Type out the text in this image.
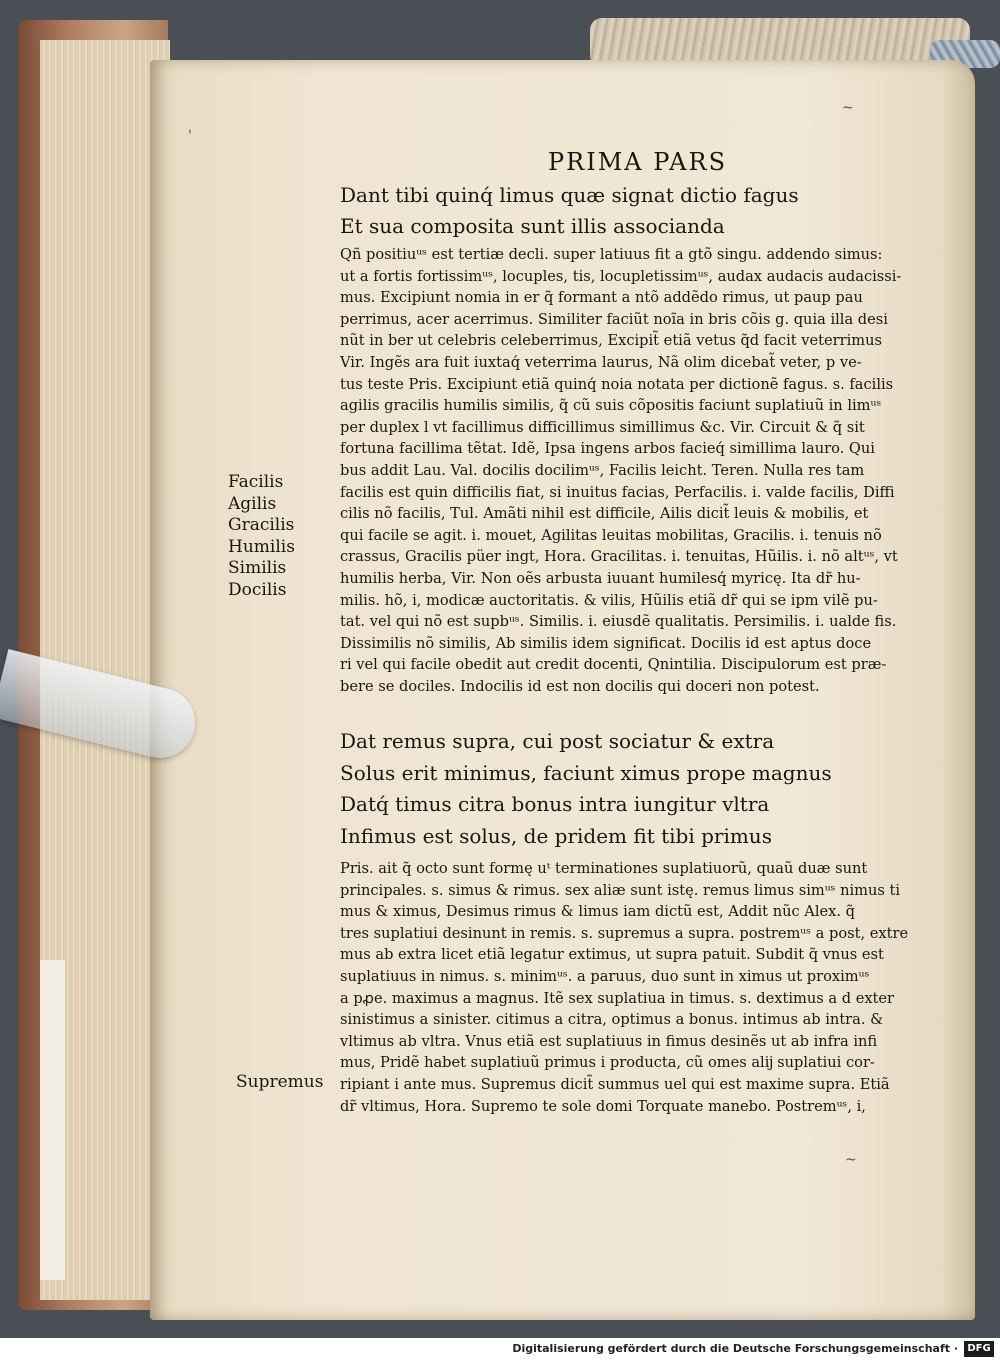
PRIMA PARS
Dant tibi quinq́ limus quæ signat dictio fagus
Et sua composita sunt illis associanda
Qñ positiuᵘˢ est tertiæ decli. super latiuus fit a gtõ singu. addendo simus:
ut a fortis fortissimᵘˢ, locuples, tis, locupletissimᵘˢ, audax audacis audacissi-
mus. Excipiunt nomia in er q̃ formant a ntõ addẽdo rimus, ut paup pau
perrimus, acer acerrimus. Similiter faciũt noĩa in bris cõis g. quia illa desi
nũt in ber ut celebris celeberrimus, Excipit̃ etiã vetus q̃d facit veterrimus
Vir. Ingẽs ara fuit iuxtaq́ veterrima laurus, Nã olim dicebat̃ veter, p ve-
tus teste Pris. Excipiunt etiã quinq́ noia notata per dictionẽ fagus. s. facilis
agilis gracilis humilis similis, q̃ cũ suis cõpositis faciunt suplatiuũ in limᵘˢ
per duplex l vt facillimus difficillimus simillimus &c. Vir. Circuit & q̃ sit
fortuna facillima tẽtat. Idẽ, Ipsa ingens arbos facieq́ simillima lauro. Qui
bus addit Lau. Val. docilis docilimᵘˢ, Facilis leicht. Teren. Nulla res tam
facilis est quin difficilis fiat, si inuitus facias, Perfacilis. i. valde facilis, Diffi
cilis nõ facilis, Tul. Amãti nihil est difficile, Ailis dicit̃ leuis & mobilis, et
qui facile se agit. i. mouet, Agilitas leuitas mobilitas, Gracilis. i. tenuis nõ
crassus, Gracilis püer ingt, Hora. Gracilitas. i. tenuitas, Hũilis. i. nõ altᵘˢ, vt
humilis herba, Vir. Non oẽs arbusta iuuant humilesq́ myricę. Ita dr̃ hu-
milis. hõ, i, modicæ auctoritatis. & vilis, Hũilis etiã dr̃ qui se ipm vilẽ pu-
tat. vel qui nõ est supbᵘˢ. Similis. i. eiusdẽ qualitatis. Persimilis. i. ualde fis.
Dissimilis nõ similis, Ab similis idem significat. Docilis id est aptus doce
ri vel qui facile obedit aut credit docenti, Qnintilia. Discipulorum est præ-
bere se dociles. Indocilis id est non docilis qui doceri non potest.
Facilis
Agilis
Gracilis
Humilis
Similis
Docilis
Dat remus supra, cui post sociatur & extra
Solus erit minimus, faciunt ximus prope magnus
Datq́ timus citra bonus intra iungitur vltra
Infimus est solus, de pridem fit tibi primus
Pris. ait q̃ octo sunt formę uᵗ terminationes suplatiuorũ, quaũ duæ sunt
principales. s. simus & rimus. sex aliæ sunt istę. remus limus simᵘˢ nimus ti
mus & ximus, Desimus rimus & limus iam dictũ est, Addit nũc Alex. q̃
tres suplatiui desinunt in remis. s. supremus a supra. postremᵘˢ a post, extre
mus ab extra licet etiã legatur extimus, ut supra patuit. Subdit q̃ vnus est
suplatiuus in nimus. s. minimᵘˢ. a paruus, duo sunt in ximus ut proximᵘˢ
a pꝓe. maximus a magnus. Itẽ sex suplatiua in timus. s. dextimus a d exter
sinistimus a sinister. citimus a citra, optimus a bonus. intimus ab intra. &
vltimus ab vltra. Vnus etiã est suplatiuus in fimus desinẽs ut ab infra infi
mus, Pridẽ habet suplatiuũ primus i producta, cũ omes alĳ suplatiui cor-
ripiant i ante mus. Supremus dicit̃ summus uel qui est maxime supra. Etiã
dr̃ vltimus, Hora. Supremo te sole domi Torquate manebo. Postremᵘˢ, i,
Supremus
~
'
~
Digitalisierung gefördert durch die Deutsche Forschungsgemeinschaft · DFG
